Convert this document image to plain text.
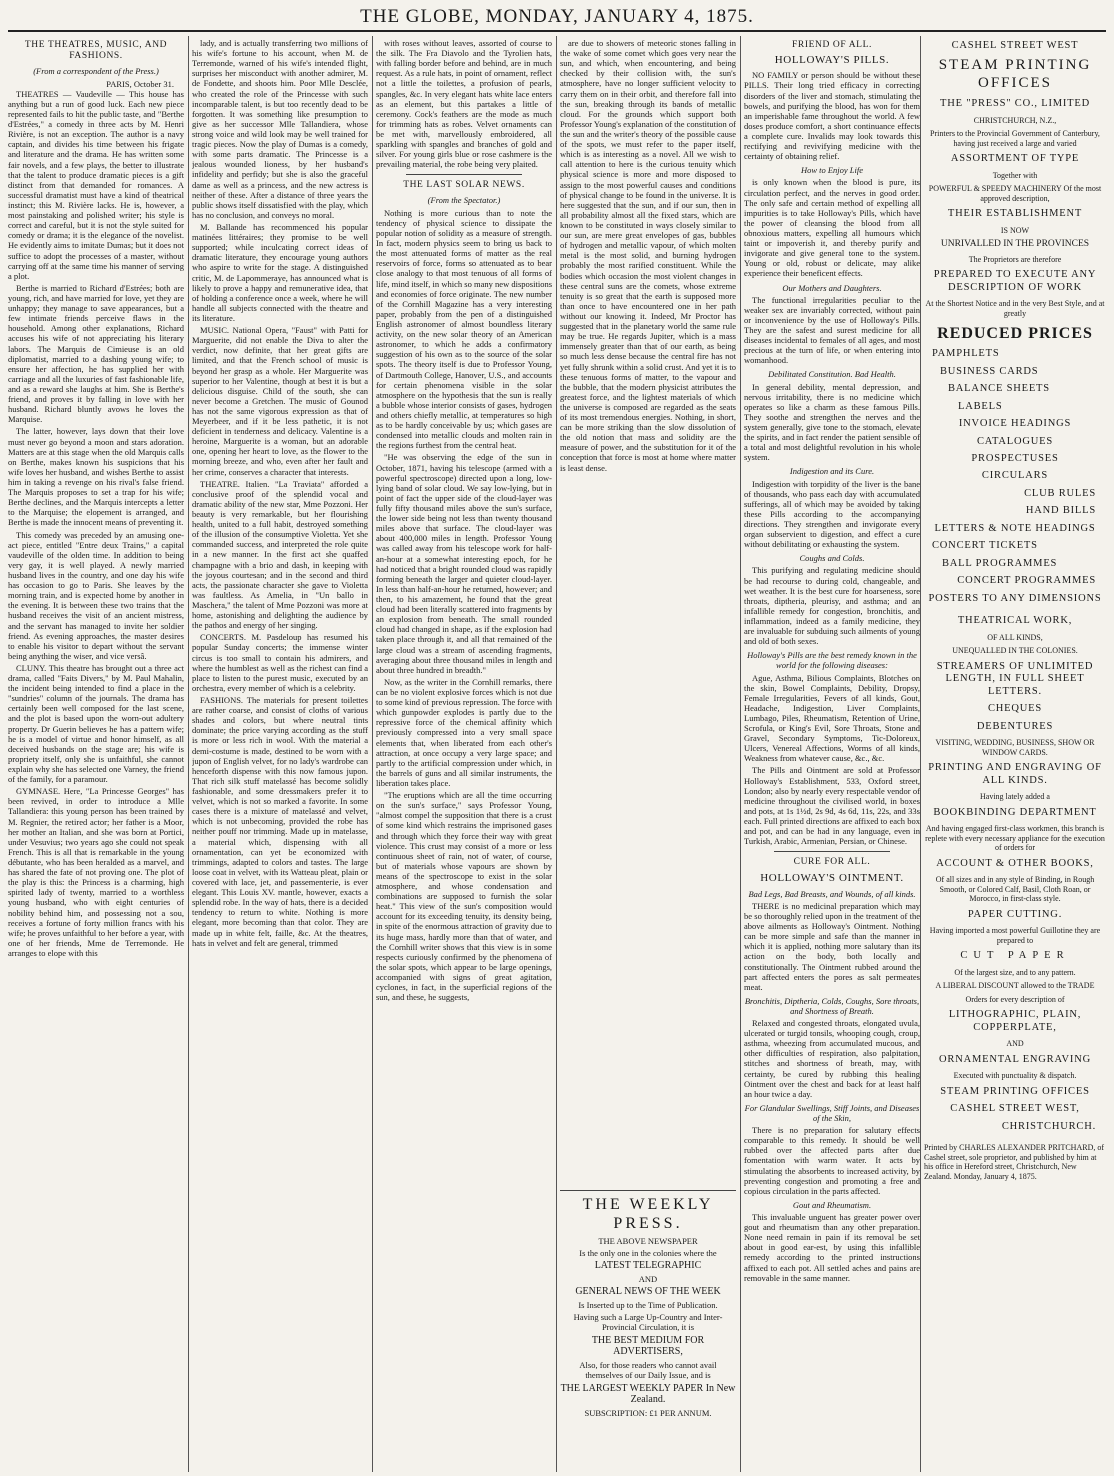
THE GLOBE, MONDAY, JANUARY 4, 1875.
THE THEATRES, MUSIC, AND FASHIONS.
(From a correspondent of the Press.)
PARIS, October 31.

THEATRES — Vaudeville — This house has anything but a run of good luck. Each new piece represented fails to hit the public taste, and "Berthe d'Estrées," a comedy in three acts by M. Henri Rivière, is not an exception. The author is a navy captain, and divides his time between his frigate and literature and the drama. He has written some fair novels, and a few plays, the better to illustrate that the talent to produce dramatic pieces is a gift distinct from that demanded for romances. A successful dramatist must have a kind of theatrical instinct; this M. Rivière lacks. He is, however, a most painstaking and polished writer; his style is correct and careful, but it is not the style suited for comedy or drama; it is the elegance of the novelist. He evidently aims to imitate Dumas; but it does not suffice to adopt the processes of a master, without carrying off at the same time his manner of serving a plot.

Berthe is married to Richard d'Estrées; both are young, rich, and have married for love, yet they are unhappy; they manage to save appearances, but a few intimate friends perceive flaws in the household. Among other explanations, Richard accuses his wife of not appreciating his literary labors. The Marquis de Cimieuse is an old diplomatist, married to a dashing young wife; to ensure her affection, he has supplied her with carriage and all the luxuries of fast fashionable life, and as a reward she laughs at him. She is Berthe's friend, and proves it by falling in love with her husband. Richard bluntly avows he loves the Marquise.

The latter, however, lays down that their love must never go beyond a moon and stars adoration. Matters are at this stage when the old Marquis calls on Berthe, makes known his suspicions that his wife loves her husband, and wishes Berthe to assist him in taking a revenge on his rival's false friend. The Marquis proposes to set a trap for his wife; Berthe declines, and the Marquis intercepts a letter to the Marquise; the elopement is arranged, and Berthe is made the innocent means of preventing it.

This comedy was preceded by an amusing one-act piece, entitled "Entre deux Trains," a capital vaudeville of the olden time. In addition to being very gay, it is well played. A newly married husband lives in the country, and one day his wife has occasion to go to Paris. She leaves by the morning train, and is expected home by another in the evening. It is between these two trains that the husband receives the visit of an ancient mistress, and the servant has managed to invite her soldier friend. As evening approaches, the master desires to enable his visitor to depart without the servant being anything the wiser, and vice versâ.

CLUNY. This theatre has brought out a three act drama, called "Faits Divers," by M. Paul Mahalin, the incident being intended to find a place in the "sundries" column of the journals. The drama has certainly been well composed for the last scene, and the plot is based upon the worn-out adultery property. Dr Guerin believes he has a pattern wife; he is a model of virtue and honor himself, as all deceived husbands on the stage are; his wife is propriety itself, only she is unfaithful, she cannot explain why she has selected one Varney, the friend of the family, for a paramour.

GYMNASE. Here, "La Princesse Georges" has been revived, in order to introduce a Mlle Tallandiera: this young person has been trained by M. Regnier, the retired actor; her father is a Moor, her mother an Italian, and she was born at Portici, under Vesuvius; two years ago she could not speak French. This is all that is remarkable in the young débutante, who has been heralded as a marvel, and has shared the fate of not proving one. The plot of the play is this: the Princess is a charming, high spirited lady of twenty, married to a worthless young husband, who with eight centuries of nobility behind him, and possessing not a sou, receives a fortune of forty million francs with his wife; he proves unfaithful to her before a year, with one of her friends, Mme de Terremonde. He arranges to elope with this

lady, and is actually transferring two millions of his wife's fortune to his account, when M. de Terremonde, warned of his wife's intended flight, surprises her misconduct with another admirer, M. de Fondette, and shoots him. Poor Mlle Desclée, who created the role of the Princesse with such incomparable talent, is but too recently dead to be forgotten. It was something like presumption to give as her successor Mlle Tallandiera, whose strong voice and wild look may be well trained for tragic pieces. Now the play of Dumas is a comedy, with some parts dramatic. The Princesse is a jealous wounded lioness, by her husband's infidelity and perfidy; but she is also the graceful dame as well as a princess, and the new actress is neither of these. After a distance of three years the public shows itself dissatisfied with the play, which has no conclusion, and conveys no moral.

M. Ballande has recommenced his popular matinées littéraires; they promise to be well supported; while inculcating correct ideas of dramatic literature, they encourage young authors who aspire to write for the stage. A distinguished critic, M. de Lapommeraye, has announced what is likely to prove a happy and remunerative idea, that of holding a conference once a week, where he will handle all subjects connected with the theatre and its literature.

MUSIC. National Opera, "Faust" with Patti for Marguerite, did not enable the Diva to alter the verdict, now definite, that her great gifts are limited, and that the French school of music is beyond her grasp as a whole. Her Marguerite was superior to her Valentine, though at best it is but a delicious disguise. Child of the south, she can never become a Gretchen. The music of Gounod has not the same vigorous expression as that of Meyerbeer, and if it be less pathetic, it is not deficient in tenderness and delicacy. Valentine is a heroine, Marguerite is a woman, but an adorable one, opening her heart to love, as the flower to the morning breeze, and who, even after her fault and her crime, conserves a character that interests.

THEATRE. Italien. "La Traviata" afforded a conclusive proof of the splendid vocal and dramatic ability of the new star, Mme Pozzoni. Her beauty is very remarkable, but her flourishing health, united to a full habit, destroyed something of the illusion of the consumptive Violetta. Yet she commanded success, and interpreted the role quite in a new manner. In the first act she quaffed champagne with a brio and dash, in keeping with the joyous courtesan; and in the second and third acts, the passionate character she gave to Violetta was faultless. As Amelia, in "Un ballo in Maschera," the talent of Mme Pozzoni was more at home, astonishing and delighting the audience by the pathos and energy of her singing.

CONCERTS. M. Pasdeloup has resumed his popular Sunday concerts; the immense winter circus is too small to contain his admirers, and where the humblest as well as the richest can find a place to listen to the purest music, executed by an orchestra, every member of which is a celebrity.

FASHIONS. The materials for present toilettes are rather coarse, and consist of cloths of various shades and colors, but where neutral tints dominate; the price varying according as the stuff is more or less rich in wool. With the material a demi-costume is made, destined to be worn with a jupon of English velvet, for no lady's wardrobe can henceforth dispense with this now famous jupon. That rich silk stuff matelassé has become solidly fashionable, and some dressmakers prefer it to velvet, which is not so marked a favorite. In some cases there is a mixture of matelassé and velvet, which is not unbecoming, provided the robe has neither pouff nor trimming. Made up in matelasse, a material which, dispensing with all ornamentation, can yet be economized with trimmings, adapted to colors and tastes. The large loose coat in velvet, with its Watteau pleat, plain or covered with lace, jet, and passementerie, is ever elegant. This Louis XV. mantle, however, exacts a splendid robe. In the way of hats, there is a decided tendency to return to white. Nothing is more elegant, more becoming than that color. They are made up in white felt, faille, &c. At the theatres, hats in velvet and felt are general, trimmed

with roses without leaves, assorted of course to the silk. The Fra Diavolo and the Tyrolien hats, with falling border before and behind, are in much request. As a rule hats, in point of ornament, reflect not a little the toilettes, a profusion of pearls, spangles, &c. In very elegant hats white lace enters as an element, but this partakes a little of ceremony. Cock's feathers are the mode as much for trimming hats as robes. Velvet ornaments can be met with, marvellously embroidered, all sparkling with spangles and branches of gold and silver. For young girls blue or rose cashmere is the prevailing material, the robe being very plaited.

THE LAST SOLAR NEWS.
(From the Spectator.)

Nothing is more curious than to note the tendency of physical science to dissipate the popular notion of solidity as a measure of strength. In fact, modern physics seem to bring us back to the most attenuated forms of matter as the real reservoirs of force, forms so attenuated as to bear close analogy to that most tenuous of all forms of life, mind itself, in which so many new dispositions and economies of force originate. The new number of the Cornhill Magazine has a very interesting paper, probably from the pen of a distinguished English astronomer of almost boundless literary activity, on the new solar theory of an American astronomer, to which he adds a confirmatory suggestion of his own as to the source of the solar spots. The theory itself is due to Professor Young, of Dartmouth College, Hanover, U.S., and accounts for certain phenomena visible in the solar atmosphere on the hypothesis that the sun is really a bubble whose interior consists of gases, hydrogen and others chiefly metallic, at temperatures so high as to be hardly conceivable by us; which gases are condensed into metallic clouds and molten rain in the regions furthest from the central heat.

"He was observing the edge of the sun in October, 1871, having his telescope (armed with a powerful spectroscope) directed upon a long, low-lying band of solar cloud. We say low-lying, but in point of fact the upper side of the cloud-layer was fully fifty thousand miles above the sun's surface, the lower side being not less than twenty thousand miles above that surface. The cloud-layer was about 400,000 miles in length. Professor Young was called away from his telescope work for half-an-hour at a somewhat interesting epoch, for he had noticed that a bright rounded cloud was rapidly forming beneath the larger and quieter cloud-layer. In less than half-an-hour he returned, however; and then, to his amazement, he found that the great cloud had been literally scattered into fragments by an explosion from beneath. The small rounded cloud had changed in shape, as if the explosion had taken place through it, and all that remained of the large cloud was a stream of ascending fragments, averaging about three thousand miles in length and about three hundred in breadth."

Now, as the writer in the Cornhill remarks, there can be no violent explosive forces which is not due to some kind of previous repression. The force with which gunpowder explodes is partly due to the repressive force of the chemical affinity which previously compressed into a very small space elements that, when liberated from each other's attraction, at once occupy a very large space; and partly to the artificial compression under which, in the barrels of guns and all similar instruments, the liberation takes place.

"The eruptions which are all the time occurring on the sun's surface," says Professor Young, "almost compel the supposition that there is a crust of some kind which restrains the imprisoned gases and through which they force their way with great violence. This crust may consist of a more or less continuous sheet of rain, not of water, of course, but of materials whose vapours are shown by means of the spectroscope to exist in the solar atmosphere, and whose condensation and combinations are supposed to furnish the solar heat." This view of the sun's composition would account for its exceeding tenuity, its density being, in spite of the enormous attraction of gravity due to its huge mass, hardly more than that of water, and the Cornhill writer shows that this view is in some respects curiously confirmed by the phenomena of the solar spots, which appear to be large openings, accompanied with signs of great agitation, cyclones, in fact, in the superficial regions of the sun, and these, he suggests,

are due to showers of meteoric stones falling in the wake of some comet which goes very near the sun, and which, when encountering, and being checked by their collision with, the sun's atmosphere, have no longer sufficient velocity to carry them on in their orbit, and therefore fall into the sun, breaking through its bands of metallic cloud. For the grounds which support both Professor Young's explanation of the constitution of the sun and the writer's theory of the possible cause of the spots, we must refer to the paper itself, which is as interesting as a novel. All we wish to call attention to here is the curious tenuity which physical science is more and more disposed to assign to the most powerful causes and conditions of physical change to be found in the universe. It is here suggested that the sun, and if our sun, then in all probability almost all the fixed stars, which are known to be constituted in ways closely similar to our sun, are mere great envelopes of gas, bubbles of hydrogen and metallic vapour, of which molten metal is the most solid, and burning hydrogen probably the most rarified constituent. While the bodies which occasion the most violent changes in these central suns are the comets, whose extreme tenuity is so great that the earth is supposed more than once to have encountered one in her path without our knowing it. Indeed, Mr Proctor has suggested that in the planetary world the same rule may be true. He regards Jupiter, which is a mass immensely greater than that of our earth, as being so much less dense because the central fire has not yet fully shrunk within a solid crust. And yet it is to these tenuous forms of matter, to the vapour and the bubble, that the modern physicist attributes the greatest force, and the lightest materials of which the universe is composed are regarded as the seats of its most tremendous energies. Nothing, in short, can be more striking than the slow dissolution of the old notion that mass and solidity are the measure of power, and the substitution for it of the conception that force is most at home where matter is least dense.

THE WEEKLY PRESS.
THE ABOVE NEWSPAPER
Is the only one in the colonies where the
LATEST TELEGRAPHIC
AND
GENERAL NEWS OF THE WEEK
Is Inserted up to the Time of Publication.
Having such a Large Up-Country and Inter-Provincial Circulation, it is
THE BEST MEDIUM FOR ADVERTISERS,
Also, for those readers who cannot avail themselves of our Daily Issue, and is
THE LARGEST WEEKLY PAPER In New Zealand.
SUBSCRIPTION: £1 PER ANNUM.
FRIEND OF ALL.
HOLLOWAY'S PILLS.

NO FAMILY or person should be without these PILLS. Their long tried efficacy in correcting disorders of the liver and stomach, stimulating the bowels, and purifying the blood, has won for them an imperishable fame throughout the world. A few doses produce comfort, a short continuance effects a complete cure. Invalids may look towards this rectifying and revivifying medicine with the certainty of obtaining relief.

How to Enjoy Life

is only known when the blood is pure, its circulation perfect, and the nerves in good order. The only safe and certain method of expelling all impurities is to take Holloway's Pills, which have the power of cleansing the blood from all obnoxious matters, expelling all humours which taint or impoverish it, and thereby purify and invigorate and give general tone to the system. Young or old, robust or delicate, may alike experience their beneficent effects.

Our Mothers and Daughters.

The functional irregularities peculiar to the weaker sex are invariably corrected, without pain or inconvenience by the use of Holloway's Pills. They are the safest and surest medicine for all diseases incidental to females of all ages, and most precious at the turn of life, or when entering into womanhood.

Debilitated Constitution. Bad Health.

In general debility, mental depression, and nervous irritability, there is no medicine which operates so like a charm as these famous Pills. They soothe and strengthen the nerves and the system generally, give tone to the stomach, elevate the spirits, and in fact render the patient sensible of a total and most delightful revolution in his whole system.

Indigestion and its Cure.

Indigestion with torpidity of the liver is the bane of thousands, who pass each day with accumulated sufferings, all of which may be avoided by taking these Pills according to the accompanying directions. They strengthen and invigorate every organ subservient to digestion, and effect a cure without debilitating or exhausting the system.

Coughs and Colds.

This purifying and regulating medicine should be had recourse to during cold, changeable, and wet weather. It is the best cure for hoarseness, sore throats, diptheria, pleurisy, and asthma; and an infallible remedy for congestion, bronchitis, and inflammation, indeed as a family medicine, they are invaluable for subduing such ailments of young and old of both sexes.

Holloway's Pills are the best remedy known in the world for the following diseases:

Ague, Asthma, Bilious Complaints, Blotches on the skin, Bowel Complaints, Debility, Dropsy, Female Irregularities, Fevers of all kinds, Gout, Headache, Indigestion, Liver Complaints, Lumbago, Piles, Rheumatism, Retention of Urine, Scrofula, or King's Evil, Sore Throats, Stone and Gravel, Secondary Symptoms, Tic-Doloreux, Ulcers, Venereal Affections, Worms of all kinds, Weakness from whatever cause, &c., &c.

The Pills and Ointment are sold at Professor Holloway's Establishment, 533, Oxford street, London; also by nearly every respectable vendor of medicine throughout the civilised world, in boxes and pots, at 1s 1½d, 2s 9d, 4s 6d, 11s, 22s, and 33s each. Full printed directions are affixed to each box and pot, and can be had in any language, even in Turkish, Arabic, Armenian, Persian, or Chinese.

CURE FOR ALL.
HOLLOWAY'S OINTMENT.
Bad Legs, Bad Breasts, and Wounds, of all kinds.

THERE is no medicinal preparation which may be so thoroughly relied upon in the treatment of the above ailments as Holloway's Ointment. Nothing can be more simple and safe than the manner in which it is applied, nothing more salutary than its action on the body, both locally and constitutionally. The Ointment rubbed around the part affected enters the pores as salt permeates meat.

Bronchitis, Diptheria, Colds, Coughs, Sore throats, and Shortness of Breath.

Relaxed and congested throats, elongated uvula, ulcerated or turgid tonsils, whooping cough, croup, asthma, wheezing from accumulated mucous, and other difficulties of respiration, also palpitation, stitches and shortness of breath, may, with certainty, be cured by rubbing this healing Ointment over the chest and back for at least half an hour twice a day.

For Glandular Swellings, Stiff Joints, and Diseases of the Skin,

There is no preparation for salutary effects comparable to this remedy. It should be well rubbed over the affected parts after due fomentation with warm water. It acts by stimulating the absorbents to increased activity, by preventing congestion and promoting a free and copious circulation in the parts affected.

Gout and Rheumatism.

This invaluable unguent has greater power over gout and rheumatism than any other preparation. None need remain in pain if its removal be set about in good ear-est, by using this infallible remedy according to the printed instructions affixed to each pot. All settled aches and pains are removable in the same manner.

CASHEL STREET WEST
STEAM PRINTING OFFICES
THE "PRESS" CO., LIMITED
CHRISTCHURCH, N.Z.,
Printers to the Provincial Government of Canterbury, having just received a large and varied
ASSORTMENT OF TYPE
Together with
POWERFUL & SPEEDY MACHINERY Of the most approved description,
THEIR ESTABLISHMENT
IS NOW
UNRIVALLED IN THE PROVINCES
The Proprietors are therefore
PREPARED TO EXECUTE ANY DESCRIPTION OF WORK
At the Shortest Notice and in the very Best Style, and at greatly
REDUCED PRICES
PAMPHLETS
BUSINESS CARDS
BALANCE SHEETS
LABELS
INVOICE HEADINGS
CATALOGUES
PROSPECTUSES
CIRCULARS
CLUB RULES
HAND BILLS
LETTERS & NOTE HEADINGS
CONCERT TICKETS
BALL PROGRAMMES
CONCERT PROGRAMMES
POSTERS TO ANY DIMENSIONS
THEATRICAL WORK,
OF ALL KINDS,
UNEQUALLED IN THE COLONIES.
STREAMERS OF UNLIMITED LENGTH, IN FULL SHEET LETTERS.
CHEQUES
DEBENTURES
VISITING, WEDDING, BUSINESS, SHOW OR WINDOW CARDS.
PRINTING AND ENGRAVING OF ALL KINDS.
Having lately added a
BOOKBINDING DEPARTMENT
And having engaged first-class workmen, this branch is replete with every necessary appliance for the execution of orders for
ACCOUNT & OTHER BOOKS,
Of all sizes and in any style of Binding, in Rough Smooth, or Colored Calf, Basil, Cloth Roan, or Morocco, in first-class style.
PAPER CUTTING.
Having imported a most powerful Guillotine they are prepared to
CUT PAPER
Of the largest size, and to any pattern.
A LIBERAL DISCOUNT allowed to the TRADE
Orders for every description of
LITHOGRAPHIC, PLAIN, COPPERPLATE,
AND
ORNAMENTAL ENGRAVING
Executed with punctuality & dispatch.
STEAM PRINTING OFFICES
CASHEL STREET WEST,
CHRISTCHURCH.
Printed by CHARLES ALEXANDER PRITCHARD, of Cashel street, sole proprietor, and published by him at his office in Hereford street, Christchurch, New Zealand. Monday, January 4, 1875.
